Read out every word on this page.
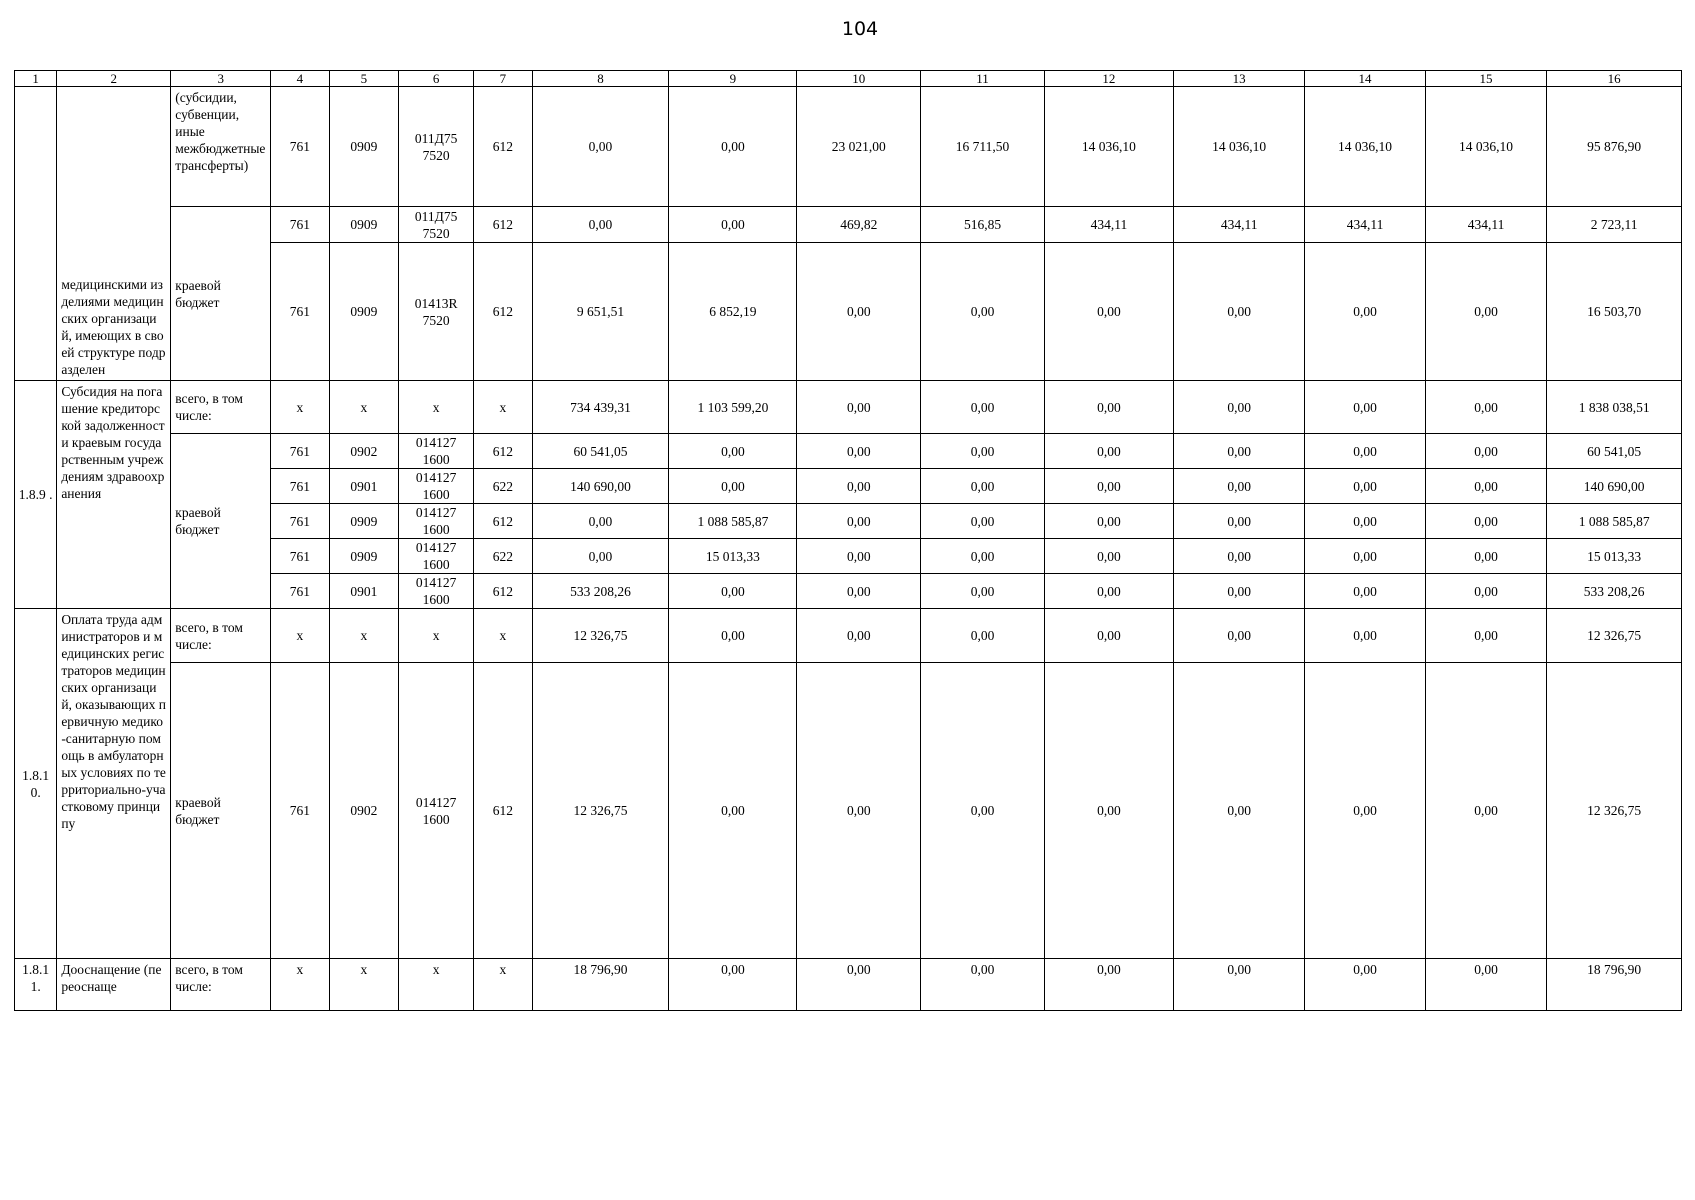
104
1	2	3	4	5	6	7	8	9	10	11	12	13	14	15	16
	медицинскими изделиями медицинских организаций, имеющих в своей структуре подразделен	(субсидии, субвенции, иные межбюджетные трансферты)	761	0909	011Д75 7520	612	0,00	0,00	23 021,00	16 711,50	14 036,10	14 036,10	14 036,10	14 036,10	95 876,90
		краевой бюджет	761	0909	011Д75 7520	612	0,00	0,00	469,82	516,85	434,11	434,11	434,11	434,11	2 723,11
			761	0909	01413R 7520	612	9 651,51	6 852,19	0,00	0,00	0,00	0,00	0,00	0,00	16 503,70
1.8.9 .	Субсидия на погашение кредиторской задолженности краевым государственным учреждениям здравоохранения	всего, в том числе:	x	x	x	x	734 439,31	1 103 599,20	0,00	0,00	0,00	0,00	0,00	0,00	1 838 038,51
		краевой бюджет	761	0902	014127 1600	612	60 541,05	0,00	0,00	0,00	0,00	0,00	0,00	0,00	60 541,05
			761	0901	014127 1600	622	140 690,00	0,00	0,00	0,00	0,00	0,00	0,00	0,00	140 690,00
			761	0909	014127 1600	612	0,00	1 088 585,87	0,00	0,00	0,00	0,00	0,00	0,00	1 088 585,87
			761	0909	014127 1600	622	0,00	15 013,33	0,00	0,00	0,00	0,00	0,00	0,00	15 013,33
			761	0901	014127 1600	612	533 208,26	0,00	0,00	0,00	0,00	0,00	0,00	0,00	533 208,26
1.8.1 0.	Оплата труда администраторов и медицинских регистраторов медицинских организаций, оказывающих первичную медико-санитарную помощь в амбулаторных условиях по территориально-участковому принципу	всего, в том числе:	x	x	x	x	12 326,75	0,00	0,00	0,00	0,00	0,00	0,00	0,00	12 326,75
		краевой бюджет	761	0902	014127 1600	612	12 326,75	0,00	0,00	0,00	0,00	0,00	0,00	0,00	12 326,75
1.8.1 1.	Дооснащение (переоснаще	всего, в том числе:	x	x	x	x	18 796,90	0,00	0,00	0,00	0,00	0,00	0,00	0,00	18 796,90
